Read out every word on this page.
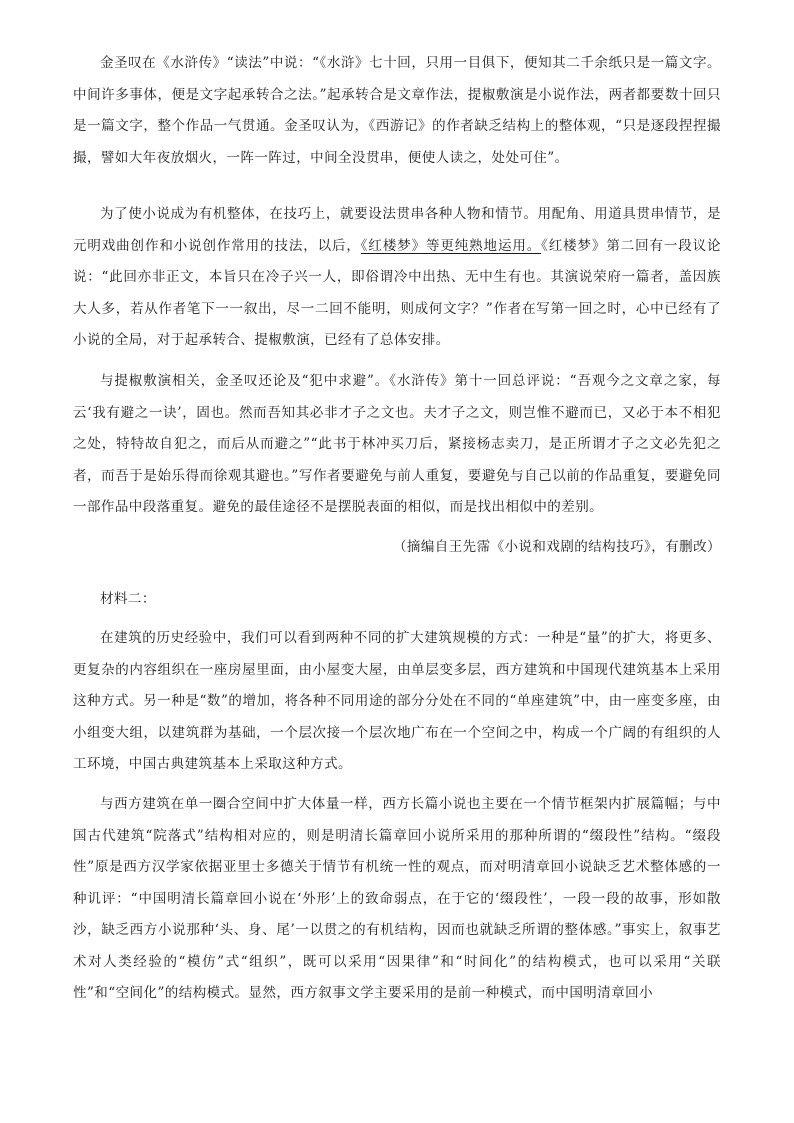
金圣叹在《水浒传》“读法”中说：“《水浒》七十回，只用一目俱下，便知其二千余纸只是一篇文字。中间许多事体，便是文字起承转合之法。”起承转合是文章作法，提椒敷演是小说作法，两者都要数十回只是一篇文字，整个作品一气贯通。金圣叹认为，《西游记》的作者缺乏结构上的整体观，“只是逐段捏捏撮撮，譬如大年夜放烟火，一阵一阵过，中间全没贯串，便使人读之，处处可住”。

为了使小说成为有机整体，在技巧上，就要设法贯串各种人物和情节。用配角、用道具贯串情节，是元明戏曲创作和小说创作常用的技法，以后，《红楼梦》等更纯熟地运用。《红楼梦》第二回有一段议论说：“此回亦非正文，本旨只在冷子兴一人，即俗谓冷中出热、无中生有也。其演说荣府一篇者，盖因族大人多，若从作者笔下一一叙出，尽一二回不能明，则成何文字？”作者在写第一回之时，心中已经有了小说的全局，对于起承转合、提椒敷演，已经有了总体安排。

与提椒敷演相关，金圣叹还论及“犯中求避”。《水浒传》第十一回总评说：“吾观今之文章之家，每云‘我有避之一诀’，固也。然而吾知其必非才子之文也。夫才子之文，则岂惟不避而已，又必于本不相犯之处，特特故自犯之，而后从而避之”“此书于林冲买刀后，紧接杨志卖刀，是正所谓才子之文必先犯之者，而吾于是始乐得而徐观其避也。”写作者要避免与前人重复，要避免与自己以前的作品重复，要避免同一部作品中段落重复。避免的最佳途径不是摆脱表面的相似，而是找出相似中的差别。

（摘编自王先霈《小说和戏剧的结构技巧》，有删改）

材料二：

在建筑的历史经验中，我们可以看到两种不同的扩大建筑规模的方式：一种是“量”的扩大，将更多、更复杂的内容组织在一座房屋里面，由小屋变大屋，由单层变多层，西方建筑和中国现代建筑基本上采用这种方式。另一种是“数”的增加，将各种不同用途的部分分处在不同的“单座建筑”中，由一座变多座，由小组变大组，以建筑群为基础，一个层次接一个层次地广布在一个空间之中，构成一个广阔的有组织的人工环境，中国古典建筑基本上采取这种方式。

与西方建筑在单一圈合空间中扩大体量一样，西方长篇小说也主要在一个情节框架内扩展篇幅；与中国古代建筑“院落式”结构相对应的，则是明清长篇章回小说所采用的那种所谓的“缀段性”结构。“缀段性”原是西方汉学家依据亚里士多德关于情节有机统一性的观点，而对明清章回小说缺乏艺术整体感的一种讥评：“中国明清长篇章回小说在‘外形’上的致命弱点，在于它的‘缀段性’，一段一段的故事，形如散沙，缺乏西方小说那种‘头、身、尾’一以贯之的有机结构，因而也就缺乏所谓的整体感。”事实上，叙事艺术对人类经验的“模仿”式“组织”，既可以采用“因果律”和“时间化”的结构模式，也可以采用“关联性”和“空间化”的结构模式。显然，西方叙事文学主要采用的是前一种模式，而中国明清章回小
